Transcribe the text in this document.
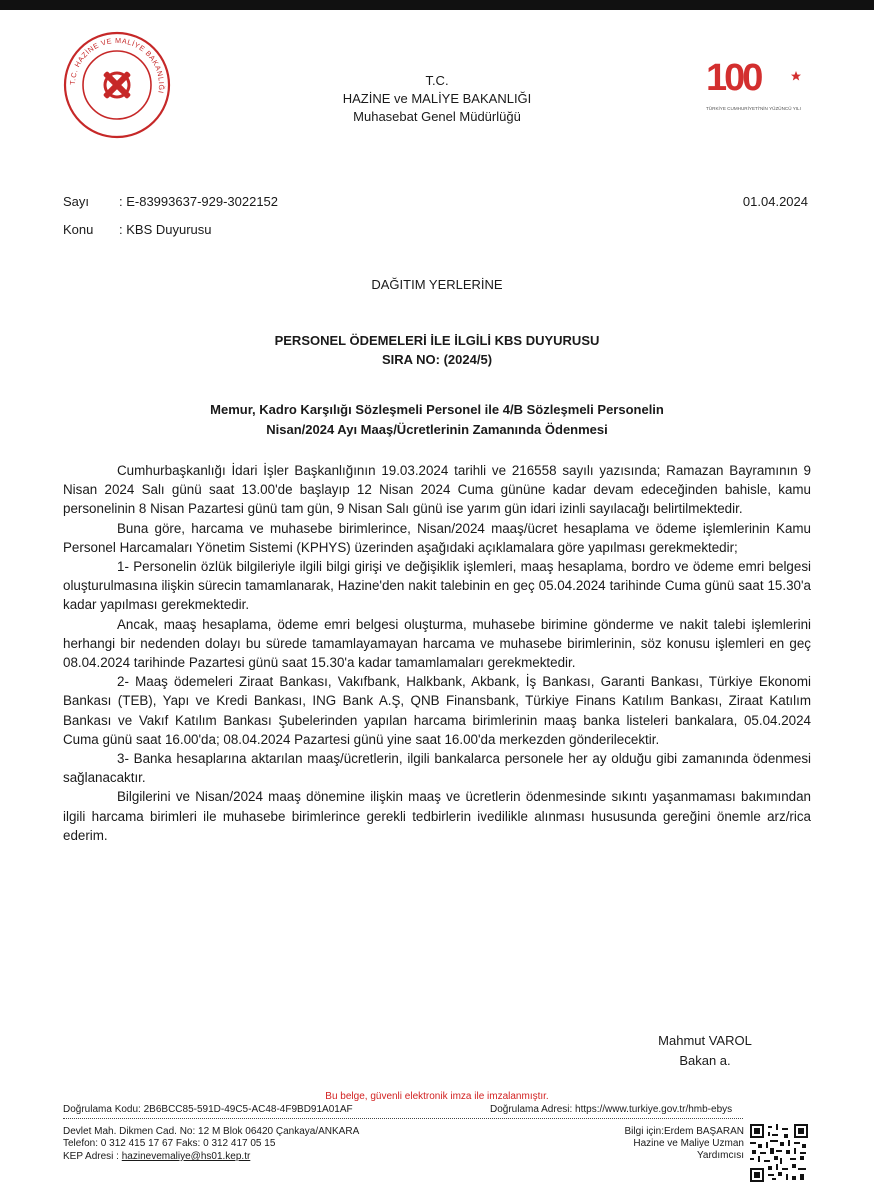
T.C. HAZİNE VE MALİYE BAKANLIĞI	100
TÜRKİYE CUMHURİYETİ'NİN YÜZÜNCÜ YILI
T.C.
HAZİNE ve MALİYE BAKANLIĞI
Muhasebat Genel Müdürlüğü
Sayı : E-83993637-929-3022152
Konu : KBS Duyurusu
01.04.2024
DAĞITIM YERLERİNE
PERSONEL ÖDEMELERİ İLE İLGİLİ KBS DUYURUSU
SIRA NO: (2024/5)
Memur, Kadro Karşılığı Sözleşmeli Personel ile 4/B Sözleşmeli Personelin
Nisan/2024 Ayı Maaş/Ücretlerinin Zamanında Ödenmesi

Cumhurbaşkanlığı İdari İşler Başkanlığının 19.03.2024 tarihli ve 216558 sayılı yazısında; Ramazan Bayramının 9 Nisan 2024 Salı günü saat 13.00'de başlayıp 12 Nisan 2024 Cuma gününe kadar devam edeceğinden bahisle, kamu personelinin 8 Nisan Pazartesi günü tam gün, 9 Nisan Salı günü ise yarım gün idari izinli sayılacağı belirtilmektedir.

Buna göre, harcama ve muhasebe birimlerince, Nisan/2024 maaş/ücret hesaplama ve ödeme işlemlerinin Kamu Personel Harcamaları Yönetim Sistemi (KPHYS) üzerinden aşağıdaki açıklamalara göre yapılması gerekmektedir;

1- Personelin özlük bilgileriyle ilgili bilgi girişi ve değişiklik işlemleri, maaş hesaplama, bordro ve ödeme emri belgesi oluşturulmasına ilişkin sürecin tamamlanarak, Hazine'den nakit talebinin en geç 05.04.2024 tarihinde Cuma günü saat 15.30'a kadar yapılması gerekmektedir.

Ancak, maaş hesaplama, ödeme emri belgesi oluşturma, muhasebe birimine gönderme ve nakit talebi işlemlerini herhangi bir nedenden dolayı bu sürede tamamlayamayan harcama ve muhasebe birimlerinin, söz konusu işlemleri en geç 08.04.2024 tarihinde Pazartesi günü saat 15.30'a kadar tamamlamaları gerekmektedir.

2- Maaş ödemeleri Ziraat Bankası, Vakıfbank, Halkbank, Akbank, İş Bankası, Garanti Bankası, Türkiye Ekonomi Bankası (TEB), Yapı ve Kredi Bankası, ING Bank A.Ş, QNB Finansbank, Türkiye Finans Katılım Bankası, Ziraat Katılım Bankası ve Vakıf Katılım Bankası Şubelerinden yapılan harcama birimlerinin maaş banka listeleri bankalara, 05.04.2024 Cuma günü saat 16.00'da; 08.04.2024 Pazartesi günü yine saat 16.00'da merkezden gönderilecektir.

3- Banka hesaplarına aktarılan maaş/ücretlerin, ilgili bankalarca personele her ay olduğu gibi zamanında ödenmesi sağlanacaktır.

Bilgilerini ve Nisan/2024 maaş dönemine ilişkin maaş ve ücretlerin ödenmesinde sıkıntı yaşanmaması bakımından ilgili harcama birimleri ile muhasebe birimlerince gerekli tedbirlerin ivedilikle alınması hususunda gereğini önemle arz/rica ederim.

Mahmut VAROL
Bakan a.
Bu belge, güvenli elektronik imza ile imzalanmıştır.
Doğrulama Kodu: 2B6BCC85-591D-49C5-AC48-4F9BD91A01AF	Doğrulama Adresi: https://www.turkiye.gov.tr/hmb-ebys
Devlet Mah. Dikmen Cad. No: 12 M Blok 06420 Çankaya/ANKARA
Telefon: 0 312 415 17 67 Faks: 0 312 417 05 15
KEP Adresi : hazinevemaliye@hs01.kep.tr
Bilgi için:Erdem BAŞARAN
Hazine ve Maliye Uzman
Yardımcısı
